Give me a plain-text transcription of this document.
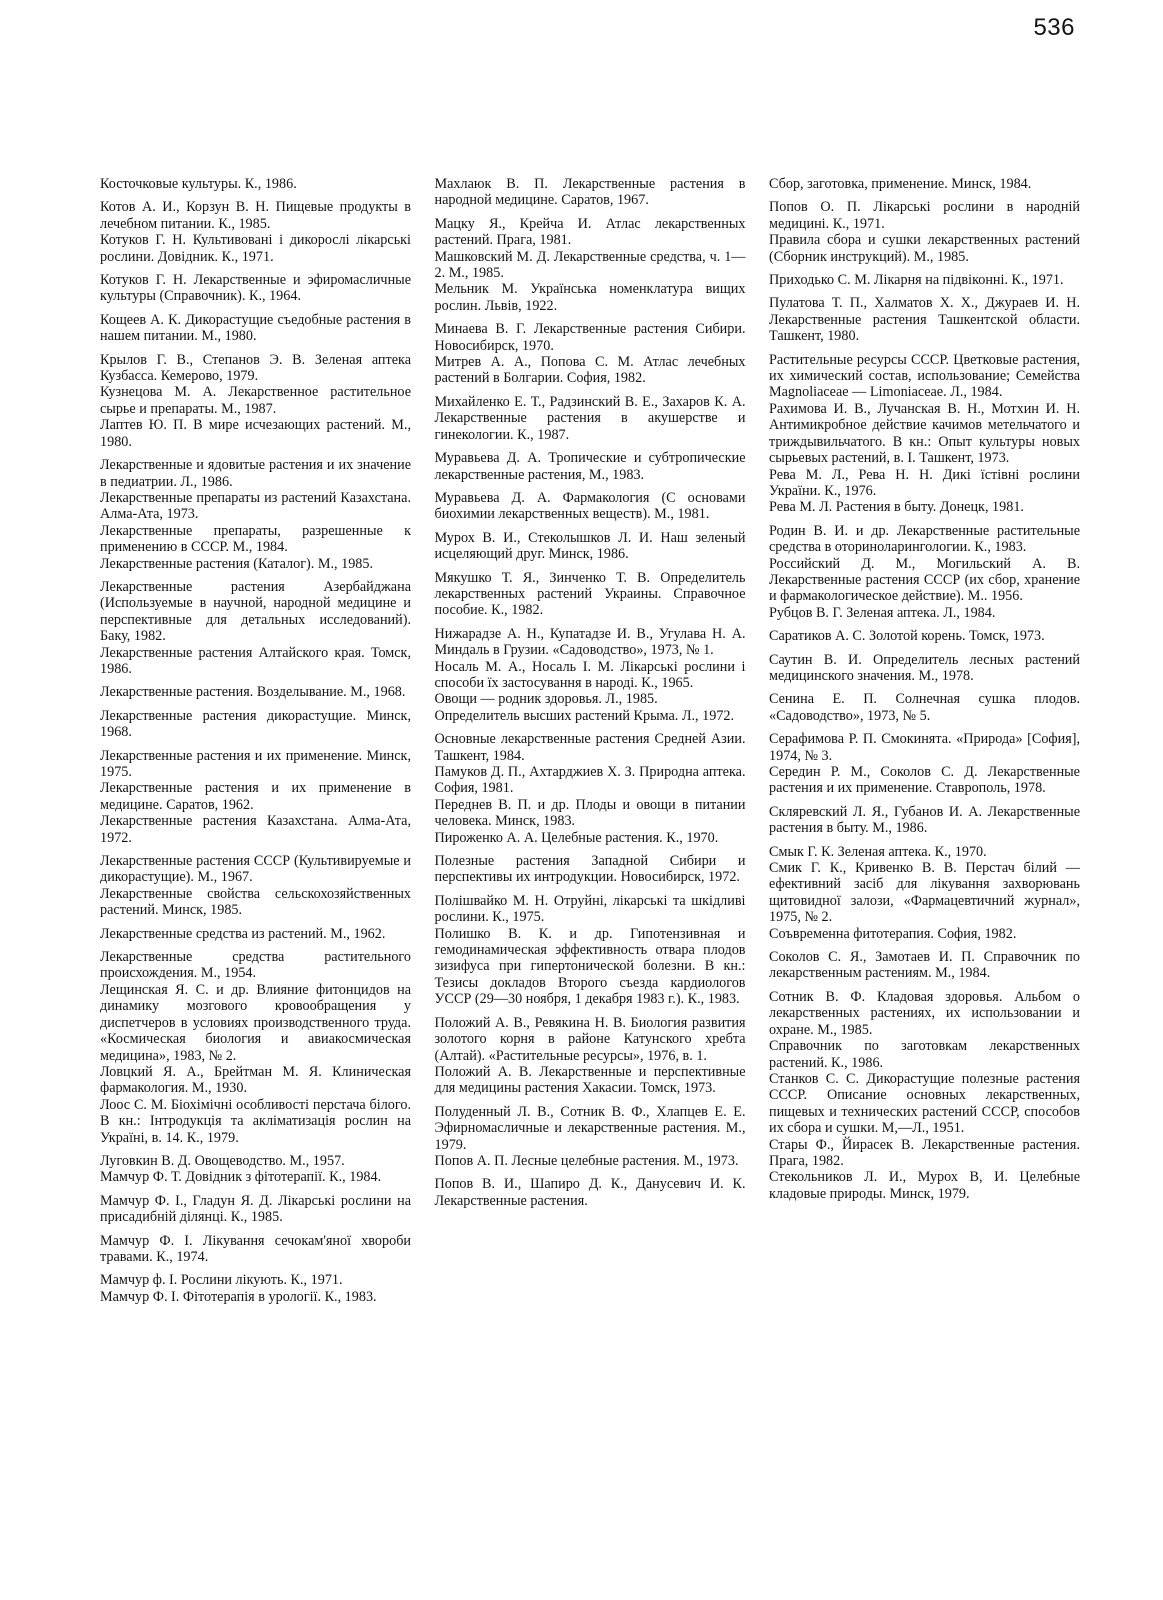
536

Косточковые культуры. К., 1986.

Котов А. И., Корзун В. Н. Пищевые продукты в лечебном питании. К., 1985.

Котуков Г. Н. Культивовані і дикорослі лікарські рослини. Довідник. К., 1971.

Котуков Г. Н. Лекарственные и эфиромасличные культуры (Справочник). К., 1964.

Кощеев А. К. Дикорастущие съедобные растения в нашем питании. М., 1980.

Крылов Г. В., Степанов Э. В. Зеленая аптека Кузбасса. Кемерово, 1979.

Кузнецова М. А. Лекарственное растительное сырье и препараты. М., 1987.

Лаптев Ю. П. В мире исчезающих растений. М., 1980.

Лекарственные и ядовитые растения и их значение в педиатрии. Л., 1986.

Лекарственные препараты из растений Казахстана. Алма-Ата, 1973.

Лекарственные препараты, разрешенные к применению в СССР. М., 1984.

Лекарственные растения (Каталог). М., 1985.

Лекарственные растения Азербайджана (Используемые в научной, народной медицине и перспективные для детальных исследований). Баку, 1982.

Лекарственные растения Алтайского края. Томск, 1986.

Лекарственные растения. Возделывание. М., 1968.

Лекарственные растения дикорастущие. Минск, 1968.

Лекарственные растения и их применение. Минск, 1975.

Лекарственные растения и их применение в медицине. Саратов, 1962.

Лекарственные растения Казахстана. Алма-Ата, 1972.

Лекарственные растения СССР (Культивируемые и дикорастущие). М., 1967.

Лекарственные свойства сельскохозяйственных растений. Минск, 1985.

Лекарственные средства из растений. М., 1962.

Лекарственные средства растительного происхождения. М., 1954.

Лещинская Я. С. и др. Влияние фитонцидов на динамику мозгового кровообращения у диспетчеров в условиях производственного труда. «Космическая биология и авиакосмическая медицина», 1983, № 2.

Ловцкий Я. А., Брейтман М. Я. Клиническая фармакология. М., 1930.

Лоос С. М. Біохімічні особливості перстача білого. В кн.: Інтродукція та акліматизація рослин на Україні, в. 14. К., 1979.

Луговкин В. Д. Овощеводство. М., 1957.

Мамчур Ф. Т. Довідник з фітотерапії. К., 1984.

Мамчур Ф. І., Гладун Я. Д. Лікарські рослини на присадибній ділянці. К., 1985.

Мамчур Ф. І. Лікування сечокам'яної хвороби травами. К., 1974.

Мамчур ф. І. Рослини лікують. К., 1971.

Мамчур Ф. І. Фітотерапія в урології. К., 1983.

Махлаюк В. П. Лекарственные растения в народной медицине. Саратов, 1967.

Мацку Я., Крейча И. Атлас лекарственных растений. Прага, 1981.

Машковский М. Д. Лекарственные средства, ч. 1—2. М., 1985.

Мельник М. Українська номенклатура вищих рослин. Львів, 1922.

Минаева В. Г. Лекарственные растения Сибири. Новосибирск, 1970.

Митрев А. А., Попова С. М. Атлас лечебных растений в Болгарии. София, 1982.

Михайленко Е. Т., Радзинский В. Е., Захаров К. А. Лекарственные растения в акушерстве и гинекологии. К., 1987.

Муравьева Д. А. Тропические и субтропические лекарственные растения, М., 1983.

Муравьева Д. А. Фармакология (С основами биохимии лекарственных веществ). М., 1981.

Мурох В. И., Стеколышков Л. И. Наш зеленый исцеляющий друг. Минск, 1986.

Мякушко Т. Я., Зинченко Т. В. Определитель лекарственных растений Украины. Справочное пособие. К., 1982.

Нижарадзе А. Н., Купатадзе И. В., Угулава Н. А. Миндаль в Грузии. «Садоводство», 1973, № 1.

Носаль М. А., Носаль І. М. Лікарські рослини і способи їх застосування в народі. К., 1965.

Овощи — родник здоровья. Л., 1985.

Определитель высших растений Крыма. Л., 1972.

Основные лекарственные растения Средней Азии. Ташкент, 1984.

Памуков Д. П., Ахтарджиев Х. З. Природна аптека. София, 1981.

Переднев В. П. и др. Плоды и овощи в питании человека. Минск, 1983.

Пироженко А. А. Целебные растения. К., 1970.

Полезные растения Западной Сибири и перспективы их интродукции. Новосибирск, 1972.

Полішвайко М. Н. Отруйні, лікарські та шкідливі рослини. К., 1975.

Полишко В. К. и др. Гипотензивная и гемодинамическая эффективность отвара плодов зизифуса при гипертонической болезни. В кн.: Тезисы докладов Второго съезда кардиологов УССР (29—30 ноября, 1 декабря 1983 г.). К., 1983.

Положий А. В., Ревякина Н. В. Биология развития золотого корня в районе Катунского хребта (Алтай). «Растительные ресурсы», 1976, в. 1.

Положий А. В. Лекарственные и перспективные для медицины растения Хакасии. Томск, 1973.

Полуденный Л. В., Сотник В. Ф., Хлапцев Е. Е. Эфирномасличные и лекарственные растения. М., 1979.

Попов А. П. Лесные целебные растения. М., 1973.

Попов В. И., Шапиро Д. К., Данусевич И. К. Лекарственные растения.

Сбор, заготовка, применение. Минск, 1984.

Попов О. П. Лікарські рослини в народній медицині. К., 1971.

Правила сбора и сушки лекарственных растений (Сборник инструкций). М., 1985.

Приходько С. М. Лікарня на підвіконні. К., 1971.

Пулатова Т. П., Халматов Х. Х., Джураев И. Н. Лекарственные растения Ташкентской области. Ташкент, 1980.

Растительные ресурсы СССР. Цветковые растения, их химический состав, использование; Семейства Magnoliaceae — Limoniaceae. Л., 1984.

Рахимова И. В., Лучанская В. Н., Мотхин И. Н. Антимикробное действие качимов метельчатого и триждывильчатого. В кн.: Опыт культуры новых сырьевых растений, в. І. Ташкент, 1973.

Рева М. Л., Рева Н. Н. Дикі їстівні рослини України. К., 1976.

Рева М. Л. Растения в быту. Донецк, 1981.

Родин В. И. и др. Лекарственные растительные средства в оториноларингологии. К., 1983.

Российский Д. М., Могильский А. В. Лекарственные растения СССР (их сбор, хранение и фармакологическое действие). М.. 1956.

Рубцов В. Г. Зеленая аптека. Л., 1984.

Саратиков А. С. Золотой корень. Томск, 1973.

Саутин В. И. Определитель лесных растений медицинского значения. М., 1978.

Сенина Е. П. Солнечная сушка плодов. «Садоводство», 1973, № 5.

Серафимова Р. П. Смокинята. «Природа» [София], 1974, № 3.

Середин Р. М., Соколов С. Д. Лекарственные растения и их применение. Ставрополь, 1978.

Скляревский Л. Я., Губанов И. А. Лекарственные растения в быту. М., 1986.

Смык Г. К. Зеленая аптека. К., 1970.

Смик Г. К., Кривенко В. В. Перстач білий — ефективний засіб для лікування захворювань щитовидної залози, «Фармацевтичний журнал», 1975, № 2.

Соъвременна фитотерапия. София, 1982.

Соколов С. Я., Замотаев И. П. Справочник по лекарственным растениям. М., 1984.

Сотник В. Ф. Кладовая здоровья. Альбом о лекарственных растениях, их использовании и охране. М., 1985.

Справочник по заготовкам лекарственных растений. К., 1986.

Станков С. С. Дикорастущие полезные растения СССР. Описание основных лекарственных, пищевых и технических растений СССР, способов их сбора и сушки. М,—Л., 1951.

Стары Ф., Йирасек В. Лекарственные растения. Прага, 1982.

Стекольников Л. И., Мурох В, И. Целебные кладовые природы. Минск, 1979.
